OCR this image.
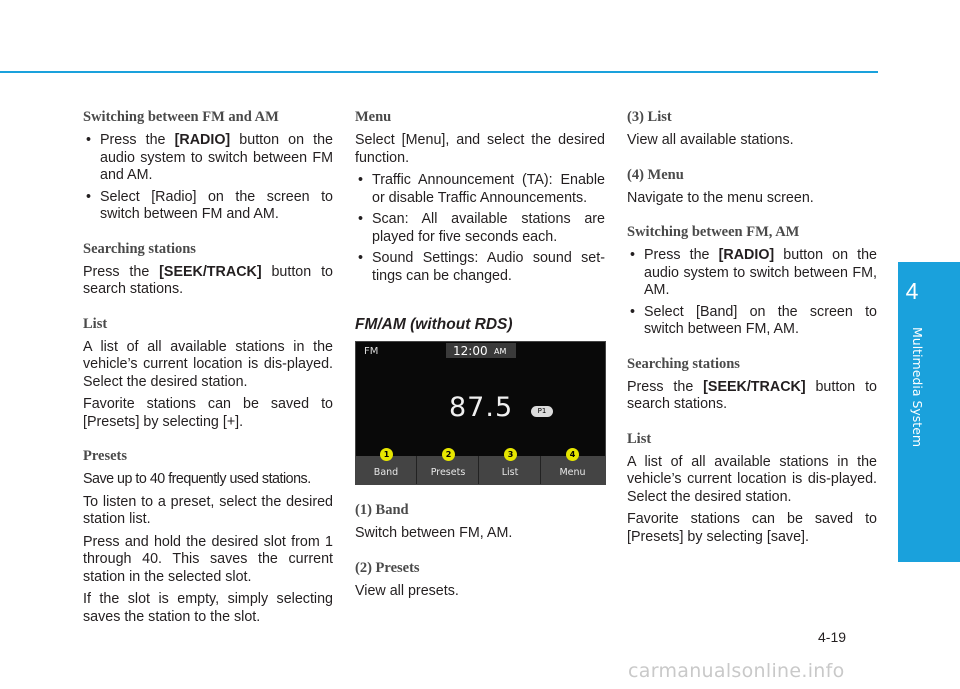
4
Multimedia System
Switching between FM and AM
• Press the [RADIO] button on the audio system to switch between FM and AM.
• Select [Radio] on the screen to switch between FM and AM.
Searching stations

Press the [SEEK/TRACK] button to search stations.

List

A list of all available stations in the vehicle’s current location is dis-played. Select the desired station.

Favorite stations can be saved to [Presets] by selecting [+].

Presets

Save up to 40 frequently used stations.

To listen to a preset, select the desired station list.

Press and hold the desired slot from 1 through 40. This saves the current station in the selected slot.

If the slot is empty, simply selecting saves the station to the slot.

Menu

Select [Menu], and select the desired function.

• Traffic Announcement (TA): Enable or disable Traffic Announcements.
• Scan: All available stations are played for five seconds each.
• Sound Settings: Audio sound set-tings can be changed.
FM/AM (without RDS)
FM	12:00 AM
87.5	P1
Band	Presets	List	Menu
1	2	3	4
(1) Band

Switch between FM, AM.

(2) Presets

View all presets.

(3) List

View all available stations.

(4) Menu

Navigate to the menu screen.

Switching between FM, AM
• Press the [RADIO] button on the audio system to switch between FM, AM.
• Select [Band] on the screen to switch between FM, AM.
Searching stations

Press the [SEEK/TRACK] button to search stations.

List

A list of all available stations in the vehicle’s current location is dis-played. Select the desired station.

Favorite stations can be saved to [Presets] by selecting [save].

4-19
carmanualsonline.info
